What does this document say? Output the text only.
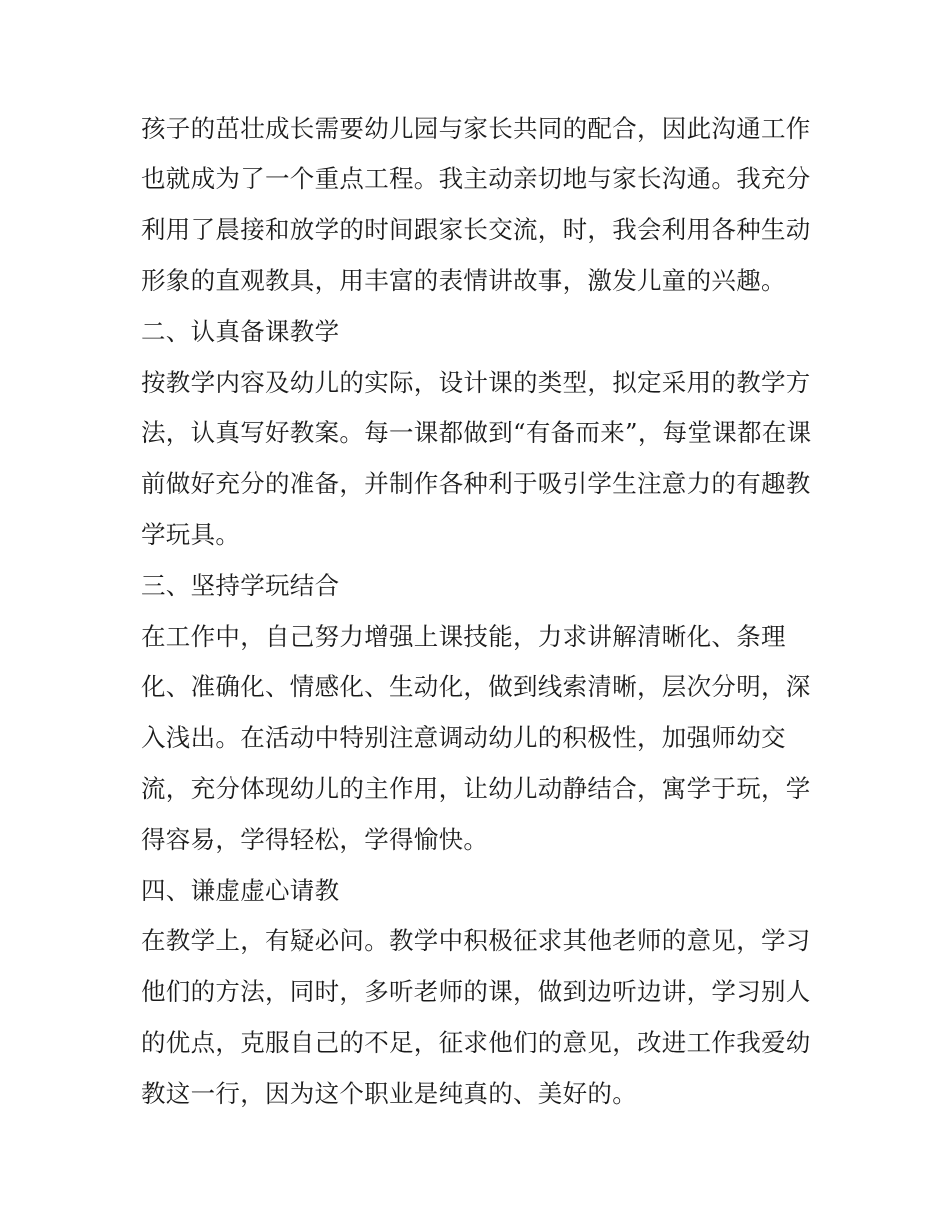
孩子的茁壮成长需要幼儿园与家长共同的配合，因此沟通工作
也就成为了一个重点工程。我主动亲切地与家长沟通。我充分
利用了晨接和放学的时间跟家长交流，时，我会利用各种生动
形象的直观教具，用丰富的表情讲故事，激发儿童的兴趣。
二、认真备课教学
按教学内容及幼儿的实际，设计课的类型，拟定采用的教学方
法，认真写好教案。每一课都做到“有备而来”，每堂课都在课
前做好充分的准备，并制作各种利于吸引学生注意力的有趣教
学玩具。
三、坚持学玩结合
在工作中，自己努力增强上课技能，力求讲解清晰化、条理
化、准确化、情感化、生动化，做到线索清晰，层次分明，深
入浅出。在活动中特别注意调动幼儿的积极性，加强师幼交
流，充分体现幼儿的主作用，让幼儿动静结合，寓学于玩，学
得容易，学得轻松，学得愉快。
四、谦虚虚心请教
在教学上，有疑必问。教学中积极征求其他老师的意见，学习
他们的方法，同时，多听老师的课，做到边听边讲，学习别人
的优点，克服自己的不足，征求他们的意见，改进工作我爱幼
教这一行，因为这个职业是纯真的、美好的。
